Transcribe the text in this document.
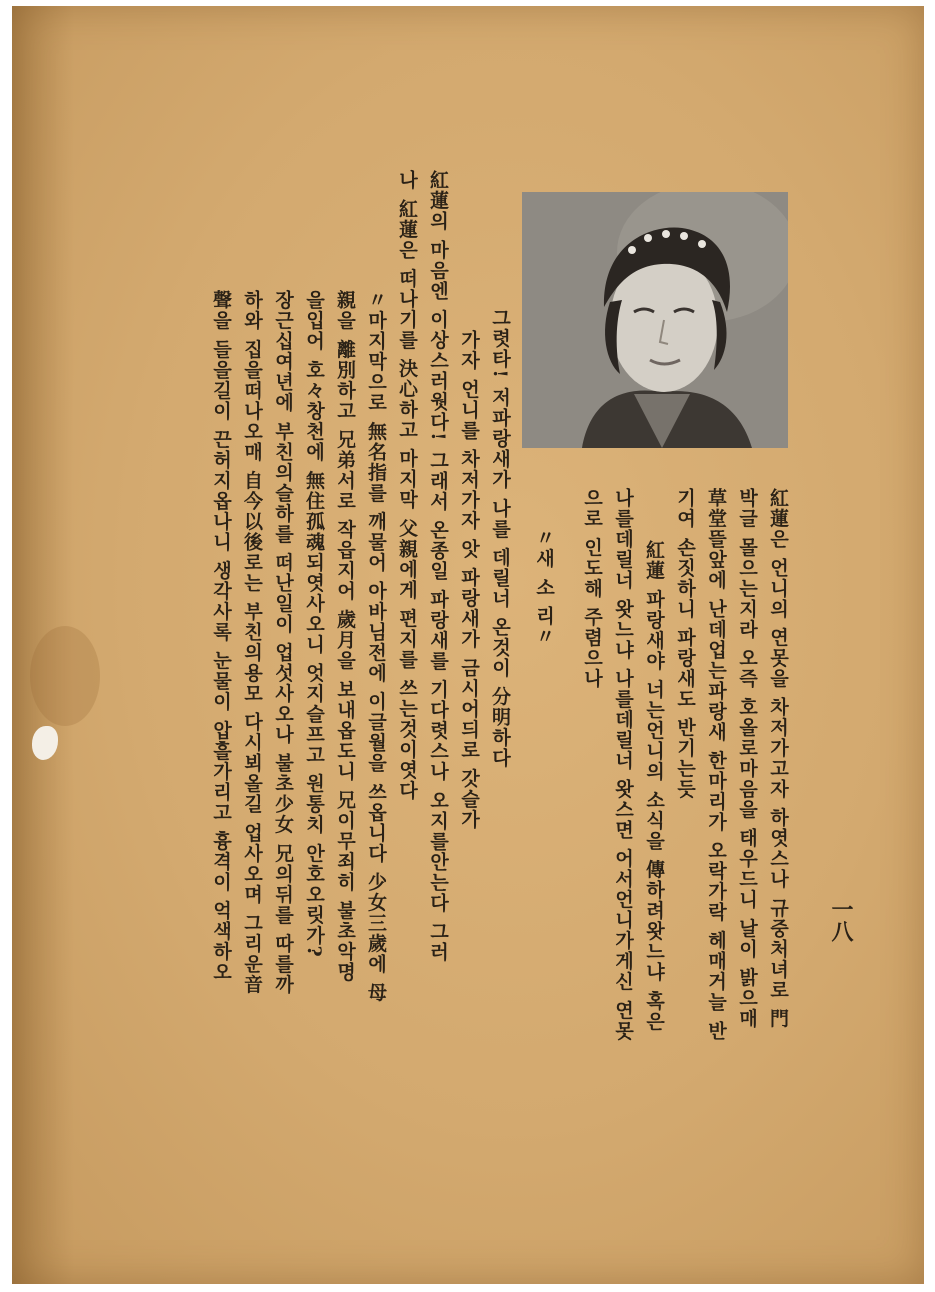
一八

紅蓮은 언니의 연못을 차저가고자 하엿스나 규중처녀로 門

박글 몰으는지라 오즉 호올로마음을 태우드니 날이 밝으매

草堂뜰앞에 난데업는파랑새 한마리가 오락가락 헤매거늘 반

기여 손짓하니 파랑새도 반기는듯

紅蓮 파랑새야 너는언니의 소식을 傳하려왓느냐 혹은

나를데릴너 왓느냐 나를데릴너 왓스면 어서언니가게신 연못

으로 인도해 주렴으나

〃새 소 리〃

그렷타! 저파랑새가 나를 데릴너 온것이 分明하다

가자 언니를 차저가자 앗 파랑새가 금시어듸로 갓슬가

紅蓮의 마음엔 이상스러웟다! 그래서 온종일 파랑새를 기다렷스나 오지를안는다 그러

나 紅蓮은 떠나기를 決心하고 마지막 父親에게 편지를 쓰는것이엿다

〃마지막으로 無名指를 깨물어 아바님전에 이글월을 쓰옵니다 少女三歲에 母

親을 離別하고 兄弟서로 작읍지어 歲月을 보내옵도니 兄이무죄히 불초악명

을입어 호々창천에 無住孤魂되엿사오니 엇지슬프고 원통치 안호오릿가?

장근십여년에 부친의슬하를 떠난일이 업섯사오나 불초少女 兄의뒤를 따를까

하와 집을떠나오매 自今以後로는 부친의용모 다시뵈올길 업사오며 그리운音

聲을 들을길이 끈허지옵나니 생각사록 눈물이 압흘가리고 흉격이 억색하오
